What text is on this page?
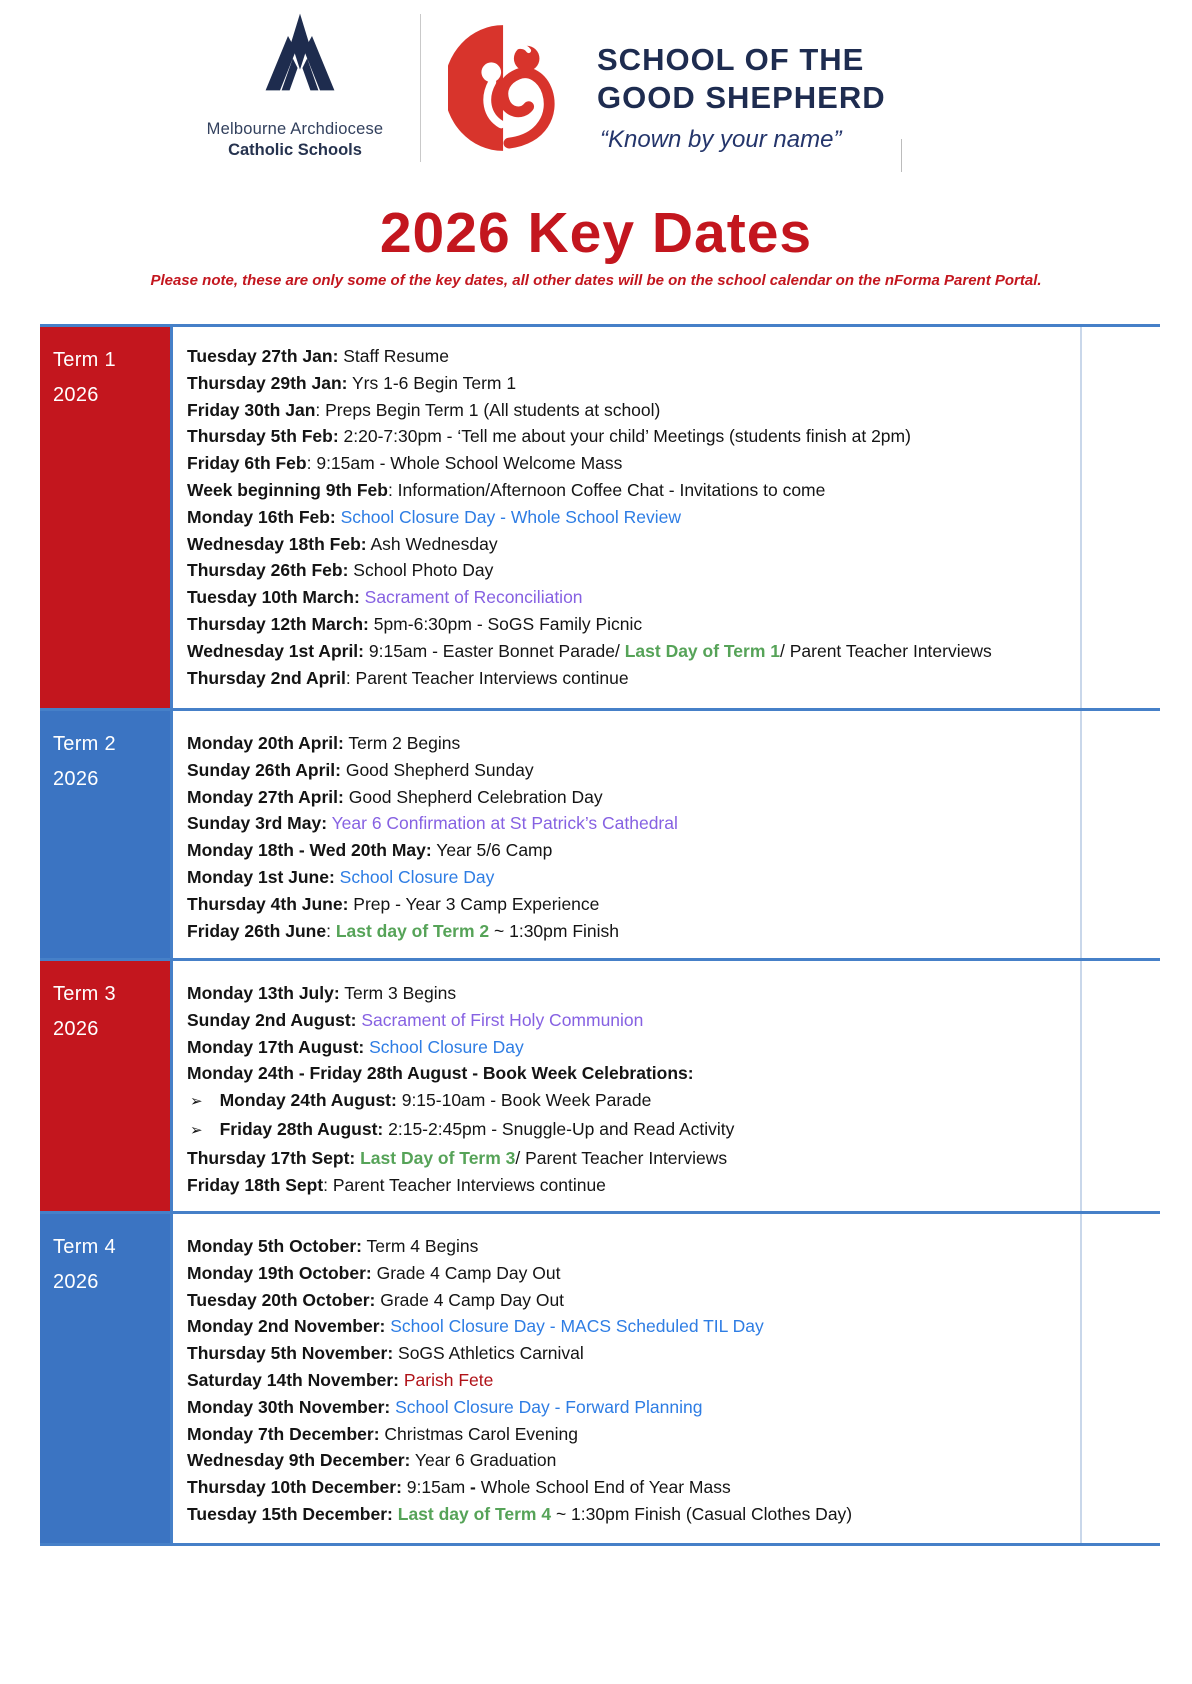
Melbourne Archdiocese
Catholic Schools
SCHOOL OF THE
GOOD SHEPHERD
“Known by your name”
2026 Key Dates
Please note, these are only some of the key dates, all other dates will be on the school calendar on the nForma Parent Portal.
Term 1
2026
Tuesday 27th Jan: Staff Resume
Thursday 29th Jan: Yrs 1-6 Begin Term 1
Friday 30th Jan: Preps Begin Term 1 (All students at school)
Thursday 5th Feb: 2:20-7:30pm - ‘Tell me about your child’ Meetings (students finish at 2pm)
Friday 6th Feb: 9:15am - Whole School Welcome Mass
Week beginning 9th Feb: Information/Afternoon Coffee Chat - Invitations to come
Monday 16th Feb: School Closure Day - Whole School Review
Wednesday 18th Feb: Ash Wednesday
Thursday 26th Feb: School Photo Day
Tuesday 10th March: Sacrament of Reconciliation
Thursday 12th March: 5pm-6:30pm - SoGS Family Picnic
Wednesday 1st April: 9:15am - Easter Bonnet Parade/ Last Day of Term 1/ Parent Teacher Interviews
Thursday 2nd April: Parent Teacher Interviews continue
Term 2
2026
Monday 20th April: Term 2 Begins
Sunday 26th April: Good Shepherd Sunday
Monday 27th April: Good Shepherd Celebration Day
Sunday 3rd May: Year 6 Confirmation at St Patrick’s Cathedral
Monday 18th - Wed 20th May: Year 5/6 Camp
Monday 1st June: School Closure Day
Thursday 4th June: Prep - Year 3 Camp Experience
Friday 26th June: Last day of Term 2 ~ 1:30pm Finish
Term 3
2026
Monday 13th July: Term 3 Begins
Sunday 2nd August: Sacrament of First Holy Communion
Monday 17th August: School Closure Day
Monday 24th - Friday 28th August - Book Week Celebrations:
➢ Monday 24th August: 9:15-10am - Book Week Parade
➢ Friday 28th August: 2:15-2:45pm - Snuggle-Up and Read Activity
Thursday 17th Sept: Last Day of Term 3/ Parent Teacher Interviews
Friday 18th Sept: Parent Teacher Interviews continue
Term 4
2026
Monday 5th October: Term 4 Begins
Monday 19th October: Grade 4 Camp Day Out
Tuesday 20th October: Grade 4 Camp Day Out
Monday 2nd November: School Closure Day - MACS Scheduled TIL Day
Thursday 5th November: SoGS Athletics Carnival
Saturday 14th November: Parish Fete
Monday 30th November: School Closure Day - Forward Planning
Monday 7th December: Christmas Carol Evening
Wednesday 9th December: Year 6 Graduation
Thursday 10th December: 9:15am - Whole School End of Year Mass
Tuesday 15th December: Last day of Term 4 ~ 1:30pm Finish (Casual Clothes Day)
